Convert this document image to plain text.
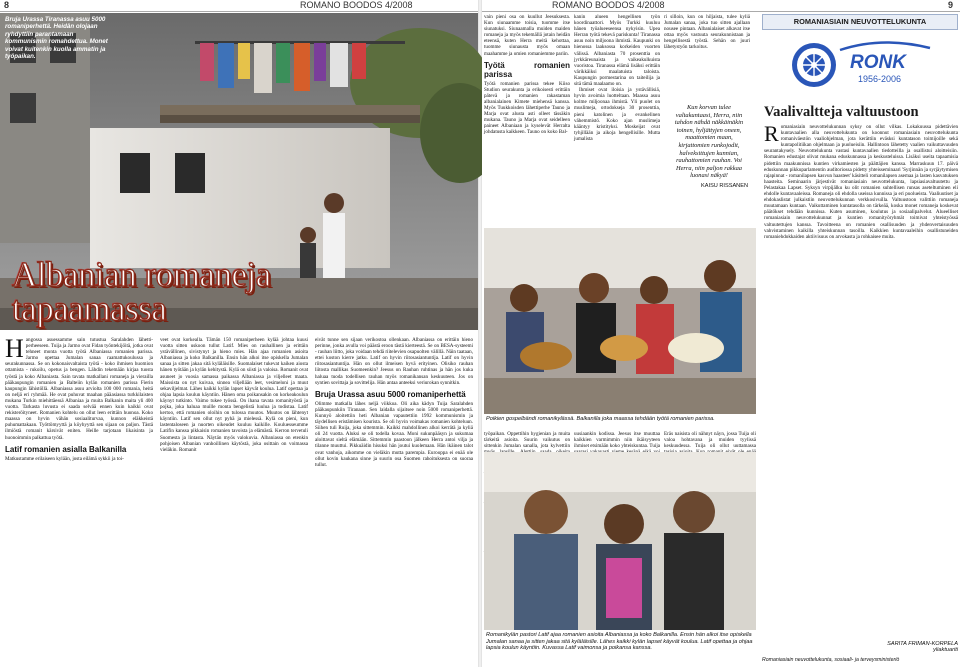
8	ROMANO BOODOS 4/2008
Bruja Urassa Tiranassa asuu 5000 romaniperhettä. Heidän olojaan ryhdyttiin parantamaan kommunismin romahdettua. Monet voivat kuitenkin kuolla ammatin ja työpaikan.
Albanian romaneja tapaamassa

Hangossa asuessamme sain tutustua Saralahden lähetti-perheeseen. Tuija ja Jarmo ovat Fidan työntekijöitä, jotka ovat tehneet monta vuotta työtä Albaniassa romanien parissa. Jarmo opettaa Jumalan sanaa raamattukoulussa ja seurakunnassa. Se on kokonaisvaltaista työtä - koko ihmisen huomion ottamista - rukoilu, opetus ja bengen. Lähdin tekemään kirjaa tuosta työstä ja koko Albaniasta. Sain tavata matkallani romaneja ja vierailla pääkaupungin romanien ja Balteiin kylän romanien parissa Fierin kaupungin lähistöllä. Albaniassa asuu arviolta 100 000 romania, heitä on neljä eri ryhmää. He ovat puhuvat maahan pääasiassa turkkilaisten mukana Turkin miehittäessä Albaniaa ja muita Balkanin maita yli 400 vuotta. Tarkasta luvusta ei saada selvää ennen kuin kaikki ovat rekisteröityneet. Romanien kohtelu on ollut leen erittäin huonoa. Koko maassa on hyvin vähän sosiaaliturvaa, kunnon eläkkeistä puhumattakaan. Työttömyyttä ja köyhyyttä sen sijaan on paljon. Tästä ilmiöstä romanit kärsivät eniten. Heille tarjotaan likaisinta ja huonoimmin palkattua työtä.

Latif romanien asialla Balkanilla

Matkustamme erilaiseen kylään, josta eilämä sykkii ja toi-

veet ovat korkealla. Tämän 150 romaniperheen kylää johtaa kuusi vuotta sitten uskoon tullut Latif. Mies on rauhallinen ja erittäin ystävällinen, sivistynyt ja hieno mies. Hän ajaa romanien asioita Albaniassa ja koko Balkanilla. Ensin hän alkoi itse opiskella Jumalan sanaa ja sitten jakaa sitä kyläläisille. Suomalaiset tukevat kaiken aiosta hänen työtään ja kylän kehitystä. Kylä on siisti ja valoisa. Romanit ovat asuneet jo vuosia samassa paikassa Albaniassa ja viljelleet maata. Maissista on nyt kuivaa, sinnea viljellään leet, vesimeloni ja muut sekaviljelmat. Lähes kaikki kylän lapset käyvät koulua. Latif opettaa ja ohjaa lapsia koulun käyntiin. Hänen oma poikansakin on korkeakoulun käynyt tutkinto. Vaimo tukee työssä. On ihana tavata romanityöstä ja pojka, joka haluaa muille monta bengelistä luulua ja todistaa. Latif kertoo, että romanien oloihin on tulossa muutos. Muutos on lähtenyt käyntiin. Latif sen ollut nyt pyhä ja mielessä. Kylä on pieni, kun lastentaloseen ja nuorten oikeudet kuuluu kaikille. Kouluesseumme Latifin kanssa pikkaisin romanien tavoista ja elämästä. Kerron tervetuli Suomesta ja lintasta. Näytän myös valokuvia. Albaniassa on etenkin pohjoisen Albanian vanhoillinen käytöstä, joka osittain on voimassa vieläkin. Romanit

eivät tunne sen sijaan verikostoa ollenkaan. Albaniassa on erittäin hieno perinne, jonka avulla voi päästä eroon tästä kierteestä. Se on BESA-systeemi - rauhan liitto, joka voidaan tehdä riitelevien osapuolten välillä. Näin taataan, ettei koston kierre jatku. Latif on hyvin riitosasiantuntija. Latif on hyvin riitosasiantuntija. Hän on ollut ilmeisen hyvä erityinen. Olisiko rauhan liitosta mallikas Suomeenkin? Jeesus on Rauhan ruhtinas ja hän jos kuka haluaa tuoda todellisen rauhan myös romanikansan keskuuteen. Jos on syntien sovittaja ja sovittelija. Hän antaa anteeksi veriurokan synnitkin.

Bruja Urassa asuu 5000 romaniperhettä

Olimme matkalla lähes neljä viikkoa. Oli aika kädyn Tuija Saralahden pääkaupunkiin Tiranaan. Sen laidalla sijaitsee noin 5000 romaniperhettä. Kunnyö aloitettiin heti Albanian vapautettiin 1992 kommunismin ja täydellisen eristämisen kourista. Se oli hyvin voimakas romanien kohteluun. Siihen tuli Ruija, joka sittemmin. Kaikki mahdollinen alkoi kerrätä ja kyliä oli 24 vuotta. Aluksi se oli todella kovaa. Moni sukunpääsyn ja sukumaa aloittavat sieltä elämään. Sittemmin paastoon jälkeen Herra antoi vilja ja tilanne muuttui. Pikkuäidin hisuksi hän joutui kuolemaan. Hän ikäinen talot ovat vanhoja, aikomme on vieläkin mutta parempia. Eurooppa ei enää ole ollut kovin kaukana sinne ja suurin osa Suomen rahoituksesta on suoraa tullut.

ROMANO BOODOS 4/2008	9

vain pieni osa on kuullut Jeesuksesta. Kun siunaamme toisia, tuomme itse siunatuksi. Siunaamalla muiden maiden romaneja ja myös tekemällä jotain heidän eteensä, kuten Herra meitä kehottaa, tuomme siunausta myös omaan maahamme ja omien romaniemme pariin.

Työtä romanien parissa

Työtä romanien parissa tekee Kiiso Studion seurakunta ja erikoisesti erittäin pätevä ja romanien rakastaman albanialainen Kimete miehensä kanssa. Myös Tuukkoisden lähettiperhe Tauno ja Marja ovat alusta asti olleet tässäkin mukana. Tauno ja Marja ovat seidelleen paineet Albaniaan ja kyselevät Herralta johdatusta kaikkeen. Tauno on koko Bal-

kanin alueen hengellisen työn koordinaattori. Myös Turkki kuuluu hänen työalueeseensa nykyisin. Upea Herran työtä tekevä pariskunta! Tiranassa asuu noin miljoona ihmistä. Kaupunki on hienossa laaksossa korkeiden vuorten välissä. Albaniasta 70 prosenttia on jyrkkäreunaista ja vaikeakulkuista vuoristoa. Tiranassa elämä lisäksi erittäin värikkäiksi maalatuista taloista. Kaupungin pormestarina on taiteilija ja sitä tämä maalaamo on.

Ihmiset ovat iloisia ja ystävällisiä, hyvin avoimia luotteltaan. Maassa asuu kolme miljoonaa ihmistä. Yli puolet on muslimeja, ortodokseja 30 prosenttia, pieni katolinen ja evankelinen vähemmistö. Koko ajan muslimeja kääntyy kristityksi. Moskeijat ovat tyhjillään ja aikoja hengellisille. Mutta jumalista

ri silloin, kun on hiljaista, tulee kyliä Jumalan sanaa, joka tuo sitten ajallaan nousee pintaan. Albanialaiset alkavat itse ottaa myös vastuuta seurakunnistaan ja hengellisestä työstä. Sehän on juuri lähetystyön tarkoitus.

Kun korvan tulee valtakuntaasi, Herra, niin tahdon nähdä näkkäinäkin toinen, hyljättyjen oneen, maattomien maan, kirjattomien runkojodit, halveksittujen kunnian, rauhattomien rauhan. Voi Herra, niin paljon rakkaa luonasi näkyä!
KAISU RISSANEN
Poikien gospelbändi romanikylässä. Balkanilla joka maassa tehdään työtä romanien parissa.

työpaikan. Oppettihin hygienian ja muita tärkeitä asioita. Suurin vaikutus on sittenkin Jumalan sanalla, jota kylvettiin

uusiaankin kodissa. Jeesus itse muuttaa kaikkien varmimmin niin ikäisyyteen ihmiset etsimään koko yhteiskuntaa. Tuija

Eräs naisista oli nähnyt näyn, jossa Tuija oli valoa hohtavana ja muiden tyylissä keskuudessa. Tuija oli ollut uuttamassa

Romanikylän pastori Latif ajaa romanien asioita Albaniassa ja koko Balkanilla. Ensin hän alkoi itse opiskella Jumalan sanaa ja sitten jakaa sitä kyläläisille. Lähes kaikki kylän lapset käyvät koulua. Latif opettaa ja ohjaa lapsia koulun käyntiin. Kuvassa Latif vaimonsa ja poikansa kanssa.
ROMANIASIAIN NEUVOTTELUKUNTA
RONK
1956-2006
Vaalivaltteja valtuustoon

Romaniasiain neuvottelukunnan syksy on ollut vilkas. Lokakuussa pidettävien kuntavaalien alla neuvottelukunta on koonnut romaniasiain neuvottelukunta romaniväestön vaaliohjelman, jota kerättiin eväsksi kuntatason toimijoille sekä kuntapolitiikan ohjelmaan ja puolueisiin. Hallintoon lähetetty vaalien vaikuttavuuden seurantakysely. Neuvottelukunta vastasi kuntavaalien tiedotteilla ja osallistui aloitteisiin. Romanien edustajat olivat mukana eduskunnassa ja keskusteluissa. Lisäksi useita tapaamisia pidettiin maakunnissa kuntien virkamiesten ja päättäjien kanssa. Marraskuun 17. päivä eduskunnan pikkuparlamentin auditoriossa pidetty yhteisseminaari 'Syrjinnän ja syrjäytymisen rajapinnat - romanilapsen kasvun haasteet' käsitteli romanilapsen asemaa ja lasten kasvatuksen haasteita. Seminaarin järjestivät romaniasiain neuvottelukunta, lapsiasiavaltuutettu ja Pelastakaa Lapset. Syksyn virpijälku ku olit romanien suhtellisen runsas aseteltuminen eli ehdolle kuntavaaleissa. Romaneja oli ehdolla useissa kunnissa ja eri puolueista. Vaaliuutiset ja ehdokaslistat julkaistiin neuvottelukunnan verkkosivuilla. Valtuustoon valittiin romaneja muutamaan kuntaan. Vaikuttaminen kuntatasolla on tärkeää, koska monet romaneja koskevat päätökset tehdään kunnissa. Kuten asuminen, koulutus ja sosiaalipalvelut. Alueelliset romaniasiain neuvottelukunnat ja kuntien romanityöryhmät toimivat yhteistyössä valtuutettujen kanssa. Tavoitteena on romanien osallisuuden ja yhdenvertaisuuden vahvistaminen kaikilla yhteiskunnan tasoilla. Kaikkien kuntavaaleihin osallistuneiden romaniehdokkaiden aktiivisuus on arvokasta ja rohkaisee muita.

SARITA FRIMAN-KORPELA
yliaktuariti
Romaniasiain neuvottelukunta, sosiaali- ja terveysministeriö
